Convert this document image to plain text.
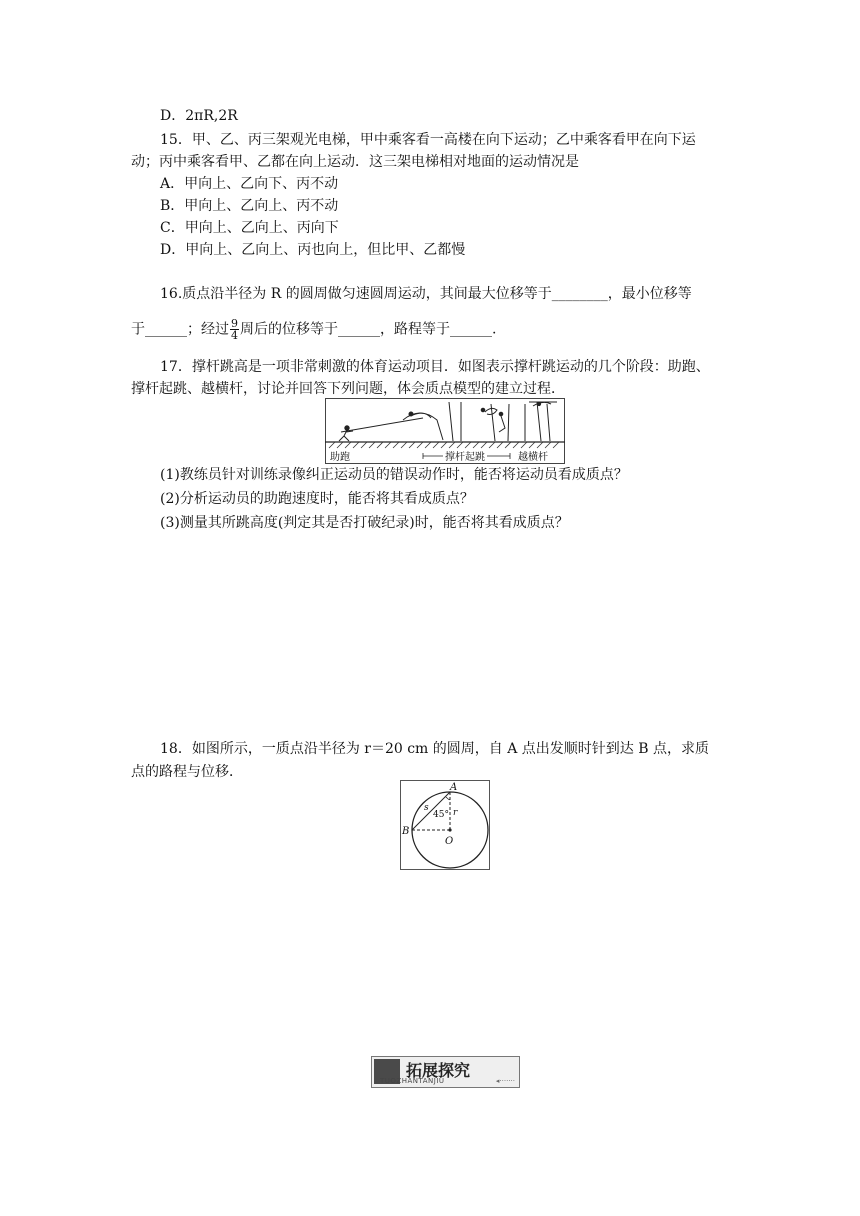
D．2πR,2R
15．甲、乙、丙三架观光电梯，甲中乘客看一高楼在向下运动；乙中乘客看甲在向下运
动；丙中乘客看甲、乙都在向上运动．这三架电梯相对地面的运动情况是
A．甲向上、乙向下、丙不动
B．甲向上、乙向上、丙不动
C．甲向上、乙向上、丙向下
D．甲向上、乙向上、丙也向上，但比甲、乙都慢
16.质点沿半径为 R 的圆周做匀速圆周运动，其间最大位移等于________，最小位移等
于______；经过 $\frac{9}{4}$ 周后的位移等于______，路程等于______.
17．撑杆跳高是一项非常刺激的体育运动项目．如图表示撑杆跳运动的几个阶段：助跑、
撑杆起跳、越横杆，讨论并回答下列问题，体会质点模型的建立过程．
助跑	撑杆起跳	越横杆
(1)教练员针对训练录像纠正运动员的错误动作时，能否将运动员看成质点？
(2)分析运动员的助跑速度时，能否将其看成质点？
(3)测量其所跳高度(判定其是否打破纪录)时，能否将其看成质点？
18．如图所示，一质点沿半径为 r＝20 cm 的圆周，自 A 点出发顺时针到达 B 点，求质
点的路程与位移．
A
B
O
s	r
45°
拓展探究
TUOZHANTANJIU	◂·······
